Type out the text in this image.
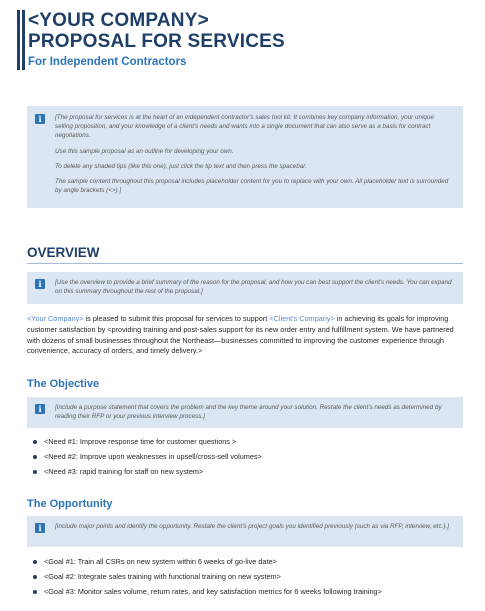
<YOUR COMPANY>
PROPOSAL FOR SERVICES
For Independent Contractors
i	[The proposal for services is at the heart of an independent contractor's sales tool kit. It combines key company information, your unique selling proposition, and your knowledge of a client's needs and wants into a single document that can also serve as a basis for contract negotiations.

Use this sample proposal as an outline for developing your own.

To delete any shaded tips (like this one), just click the tip text and then press the spacebar.

The sample content throughout this proposal includes placeholder content for you to replace with your own. All placeholder text is surrounded by angle brackets (<>).]

OVERVIEW
i	[Use the overview to provide a brief summary of the reason for the proposal, and how you can best support the client's needs. You can expand on this summary throughout the rest of the proposal.]
<Your Company> is pleased to submit this proposal for services to support <Client's Company> in achieving its goals for improving customer satisfaction by <providing training and post-sales support for its new order entry and fulfillment system. We have partnered with dozens of small businesses throughout the Northeast—businesses committed to improving the customer experience through convenience, accuracy of orders, and timely delivery.>
The Objective
i	[Include a purpose statement that covers the problem and the key theme around your solution. Restate the client's needs as determined by reading their RFP or your previous interview process.]
<Need #1: Improve response time for customer questions >
<Need #2: Improve upon weaknesses in upsell/cross-sell volumes>
<Need #3: rapid training for staff on new system>
The Opportunity
i	[Include major points and identify the opportunity. Restate the client's project goals you identified previously (such as via RFP, interview, etc.).]
<Goal #1: Train all CSRs on new system within 6 weeks of go-live date>
<Goal #2: Integrate sales training with functional training on new system>
<Goal #3: Monitor sales volume, return rates, and key satisfaction metrics for 6 weeks following training>
